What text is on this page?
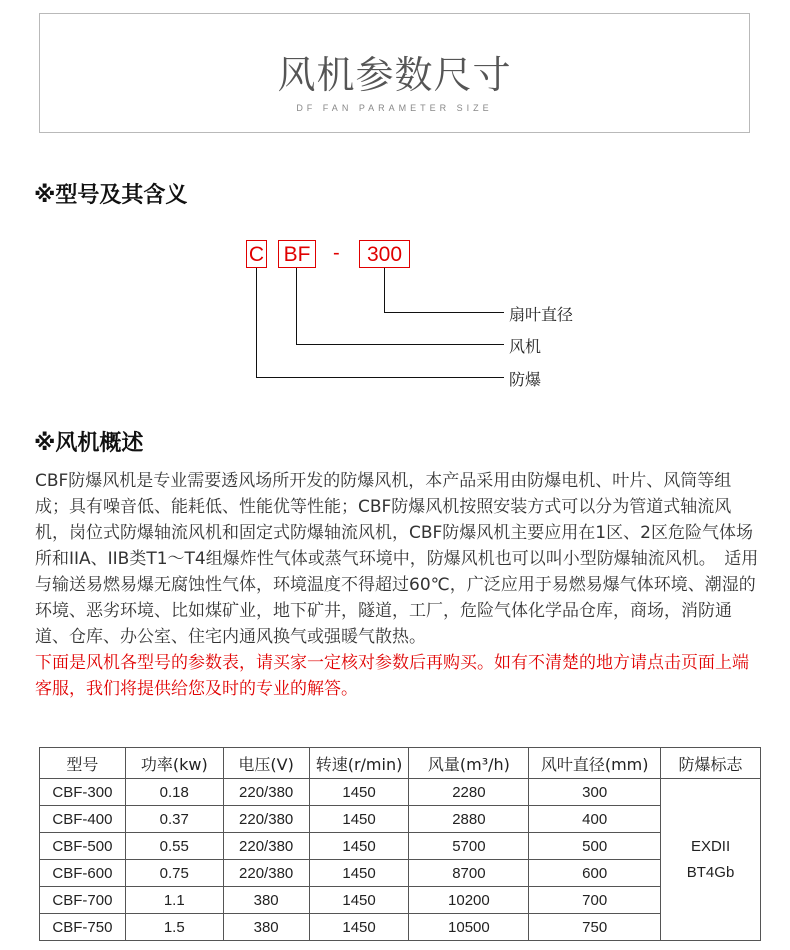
风机参数尺寸
DF FAN PARAMETER SIZE
※型号及其含义
C BF -	300
扇叶直径
风机
防爆
※风机概述

CBF防爆风机是专业需要透风场所开发的防爆风机，本产品采用由防爆电机、叶片、风筒等组成；具有噪音低、能耗低、性能优等性能；CBF防爆风机按照安装方式可以分为管道式轴流风机，岗位式防爆轴流风机和固定式防爆轴流风机，CBF防爆风机主要应用在1区、2区危险气体场所和IIA、IIB类T1～T4组爆炸性气体或蒸气环境中，防爆风机也可以叫小型防爆轴流风机。　适用与输送易燃易爆无腐蚀性气体，环境温度不得超过60℃，广泛应用于易燃易爆气体环境、潮湿的环境、恶劣环境、比如煤矿业，地下矿井，隧道，工厂，危险气体化学品仓库，商场，消防通道、仓库、办公室、住宅内通风换气或强暖气散热。

下面是风机各型号的参数表，请买家一定核对参数后再购买。如有不清楚的地方请点击页面上端客服，我们将提供给您及时的专业的解答。

型号	功率(kw)	电压(V)	转速(r/min)	风量(m³/h)	风叶直径(mm)	防爆标志
CBF-300	0.18	220/380	1450	2280	300	EXDII
BT4Gb

CBF-400	0.37	220/380	1450	2880	400	
CBF-500	0.55	220/380	1450	5700	500	
CBF-600	0.75	220/380	1450	8700	600	
CBF-700	1.1	380	1450	10200	700	
CBF-750	1.5	380	1450	10500	750	
